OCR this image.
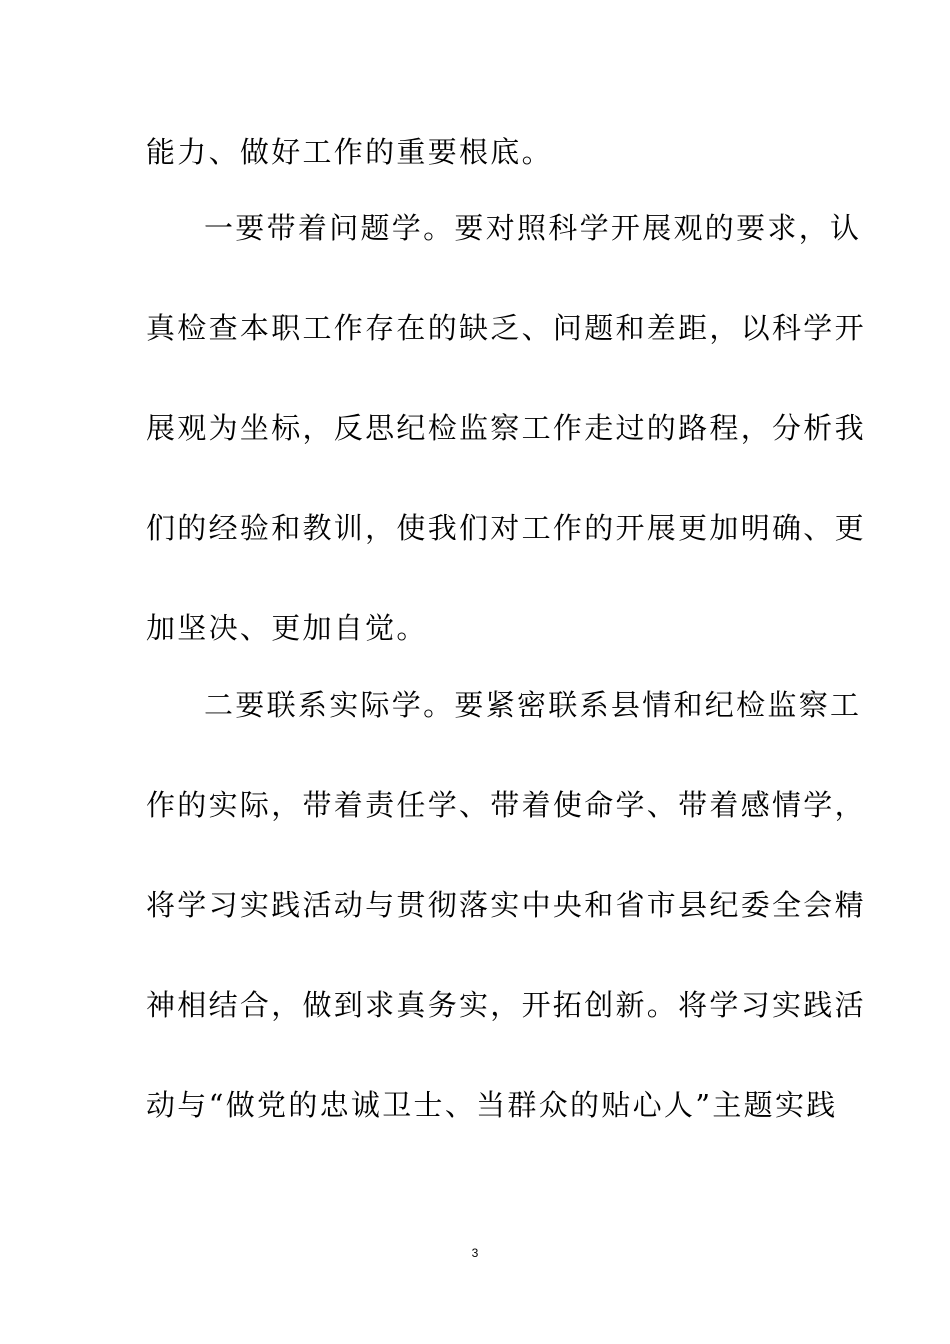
能力、做好工作的重要根底。
一要带着问题学。要对照科学开展观的要求，认
真检查本职工作存在的缺乏、问题和差距，以科学开
展观为坐标，反思纪检监察工作走过的路程，分析我
们的经验和教训，使我们对工作的开展更加明确、更
加坚决、更加自觉。
二要联系实际学。要紧密联系县情和纪检监察工
作的实际，带着责任学、带着使命学、带着感情学，
将学习实践活动与贯彻落实中央和省市县纪委全会精
神相结合，做到求真务实，开拓创新。将学习实践活
动与“做党的忠诚卫士、当群众的贴心人”主题实践
3
